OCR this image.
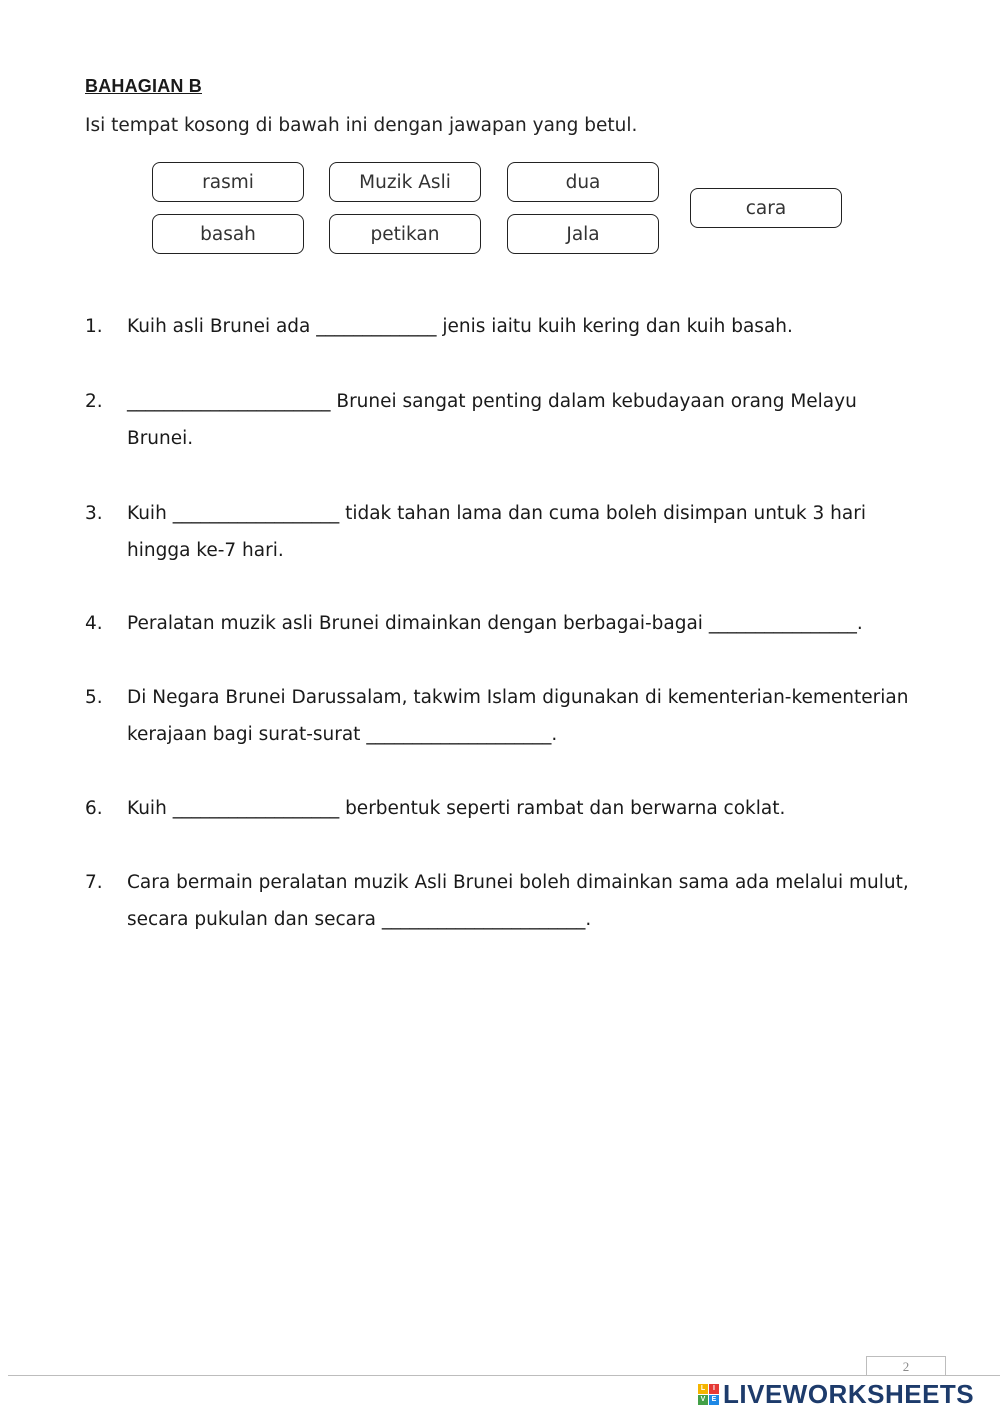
BAHAGIAN B
Isi tempat kosong di bawah ini dengan jawapan yang betul.
rasmi	Muzik Asli	dua
basah	petikan	Jala
cara
1.	Kuih asli Brunei ada _____________ jenis iaitu kuih kering dan kuih basah.
2.	______________________ Brunei sangat penting dalam kebudayaan orang Melayu Brunei.
3.	Kuih __________________ tidak tahan lama dan cuma boleh disimpan untuk 3 hari hingga ke-7 hari.
4.	Peralatan muzik asli Brunei dimainkan dengan berbagai-bagai ________________.
5.	Di Negara Brunei Darussalam, takwim Islam digunakan di kementerian-kementerian kerajaan bagi surat-surat ____________________.
6.	Kuih __________________ berbentuk seperti rambat dan berwarna coklat.
7.	Cara bermain peralatan muzik Asli Brunei boleh dimainkan sama ada melalui mulut, secara pukulan dan secara ______________________.
2
L	I
V E LIVEWORKSHEETS
